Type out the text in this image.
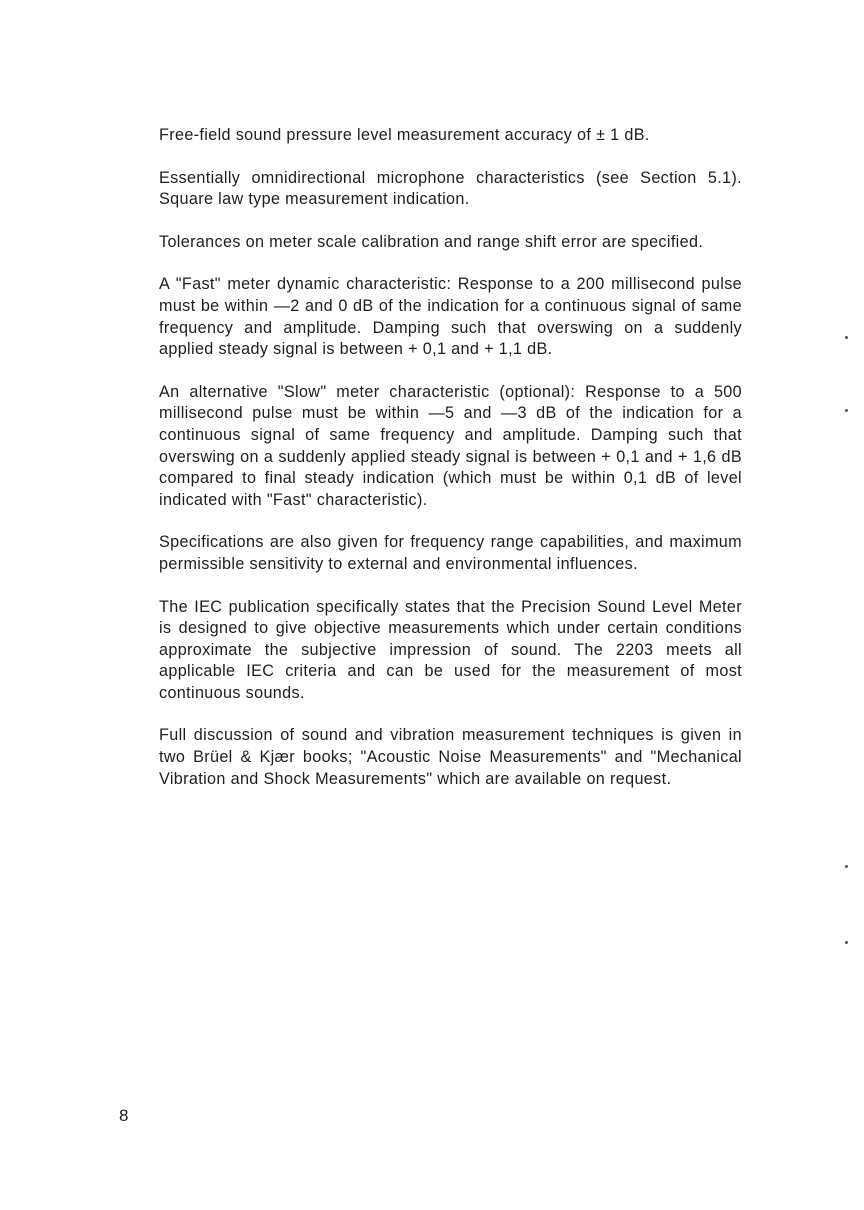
Free-field sound pressure level measurement accuracy of ± 1 dB.

Essentially omnidirectional microphone characteristics (see Section 5.1). Square law type measurement indication.

Tolerances on meter scale calibration and range shift error are specified.

A "Fast" meter dynamic characteristic: Response to a 200 millisecond pulse must be within —2 and 0 dB of the indication for a continuous signal of same frequency and amplitude. Damping such that overswing on a suddenly applied steady signal is between + 0,1 and + 1,1 dB.

An alternative "Slow" meter characteristic (optional): Response to a 500 millisecond pulse must be within —5 and —3 dB of the indication for a continuous signal of same frequency and amplitude. Damping such that overswing on a suddenly applied steady signal is between + 0,1 and + 1,6 dB compared to final steady indication (which must be within 0,1 dB of level indicated with "Fast" characteristic).

Specifications are also given for frequency range capabilities, and maximum permissible sensitivity to external and environmental influences.

The IEC publication specifically states that the Precision Sound Level Meter is designed to give objective measurements which under certain conditions approximate the subjective impression of sound. The 2203 meets all applicable IEC criteria and can be used for the measurement of most continuous sounds.

Full discussion of sound and vibration measurement techniques is given in two Brüel & Kjær books; "Acoustic Noise Measurements" and "Mechanical Vibration and Shock Measurements" which are available on request.

8
